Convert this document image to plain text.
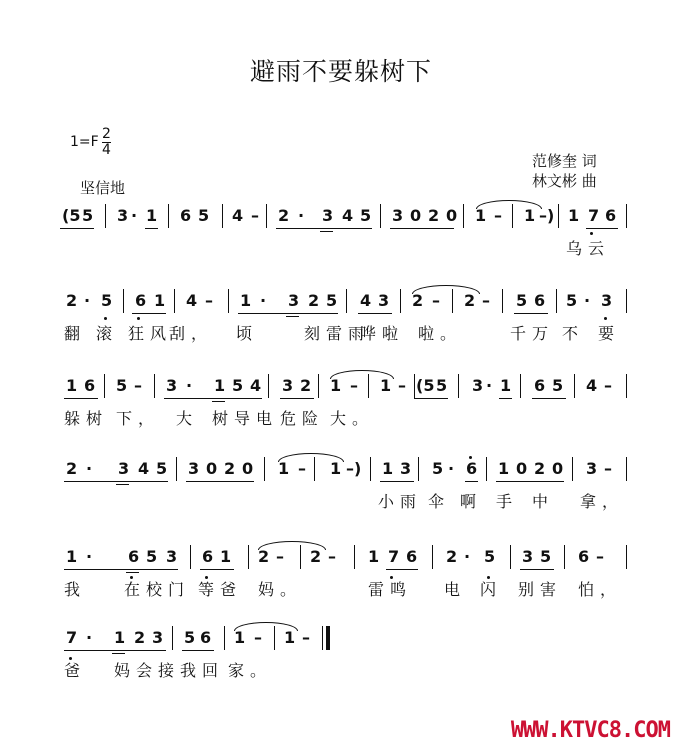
避雨不要躲树下
1=F 2
4
坚信地
范修奎 词
林文彬 曲
(5 5 3 · 1 6 5 4 – 2 · 3 4 5 3 0 2 0 1 – 1 –) 1 7 6
乌云
2 · 5 6 1 4 – 1 · 3 2 5 4 3 2 – 2 – 5 6 5 · 3
翻 滚 狂风
刮， 顷	刻雷雨
哗啦 啦。	千万 不 要
1 6 5 – 3 · 1 5 4 3 2 1 – 1 – (5 5 3 · 1 6 5 4 –
躲树 下， 大 树导电 危险 大。
2 · 3 4 5 3 0 2 0 1 – 1 –) 1 3 5 · 6 1 0 2 0 3 –
小雨 伞 啊 手 中 拿，
1 · 6 5 3 6 1 2 – 2 – 1 7 6 2 · 5 3 5 6 –
我 在校门 等爸 妈。	雷鸣 电 闪 别害 怕，
7 · 1 2 3 5 6 1 – 1 –
爸 妈会接 我回 家。
WWW.KTVC8.COM
